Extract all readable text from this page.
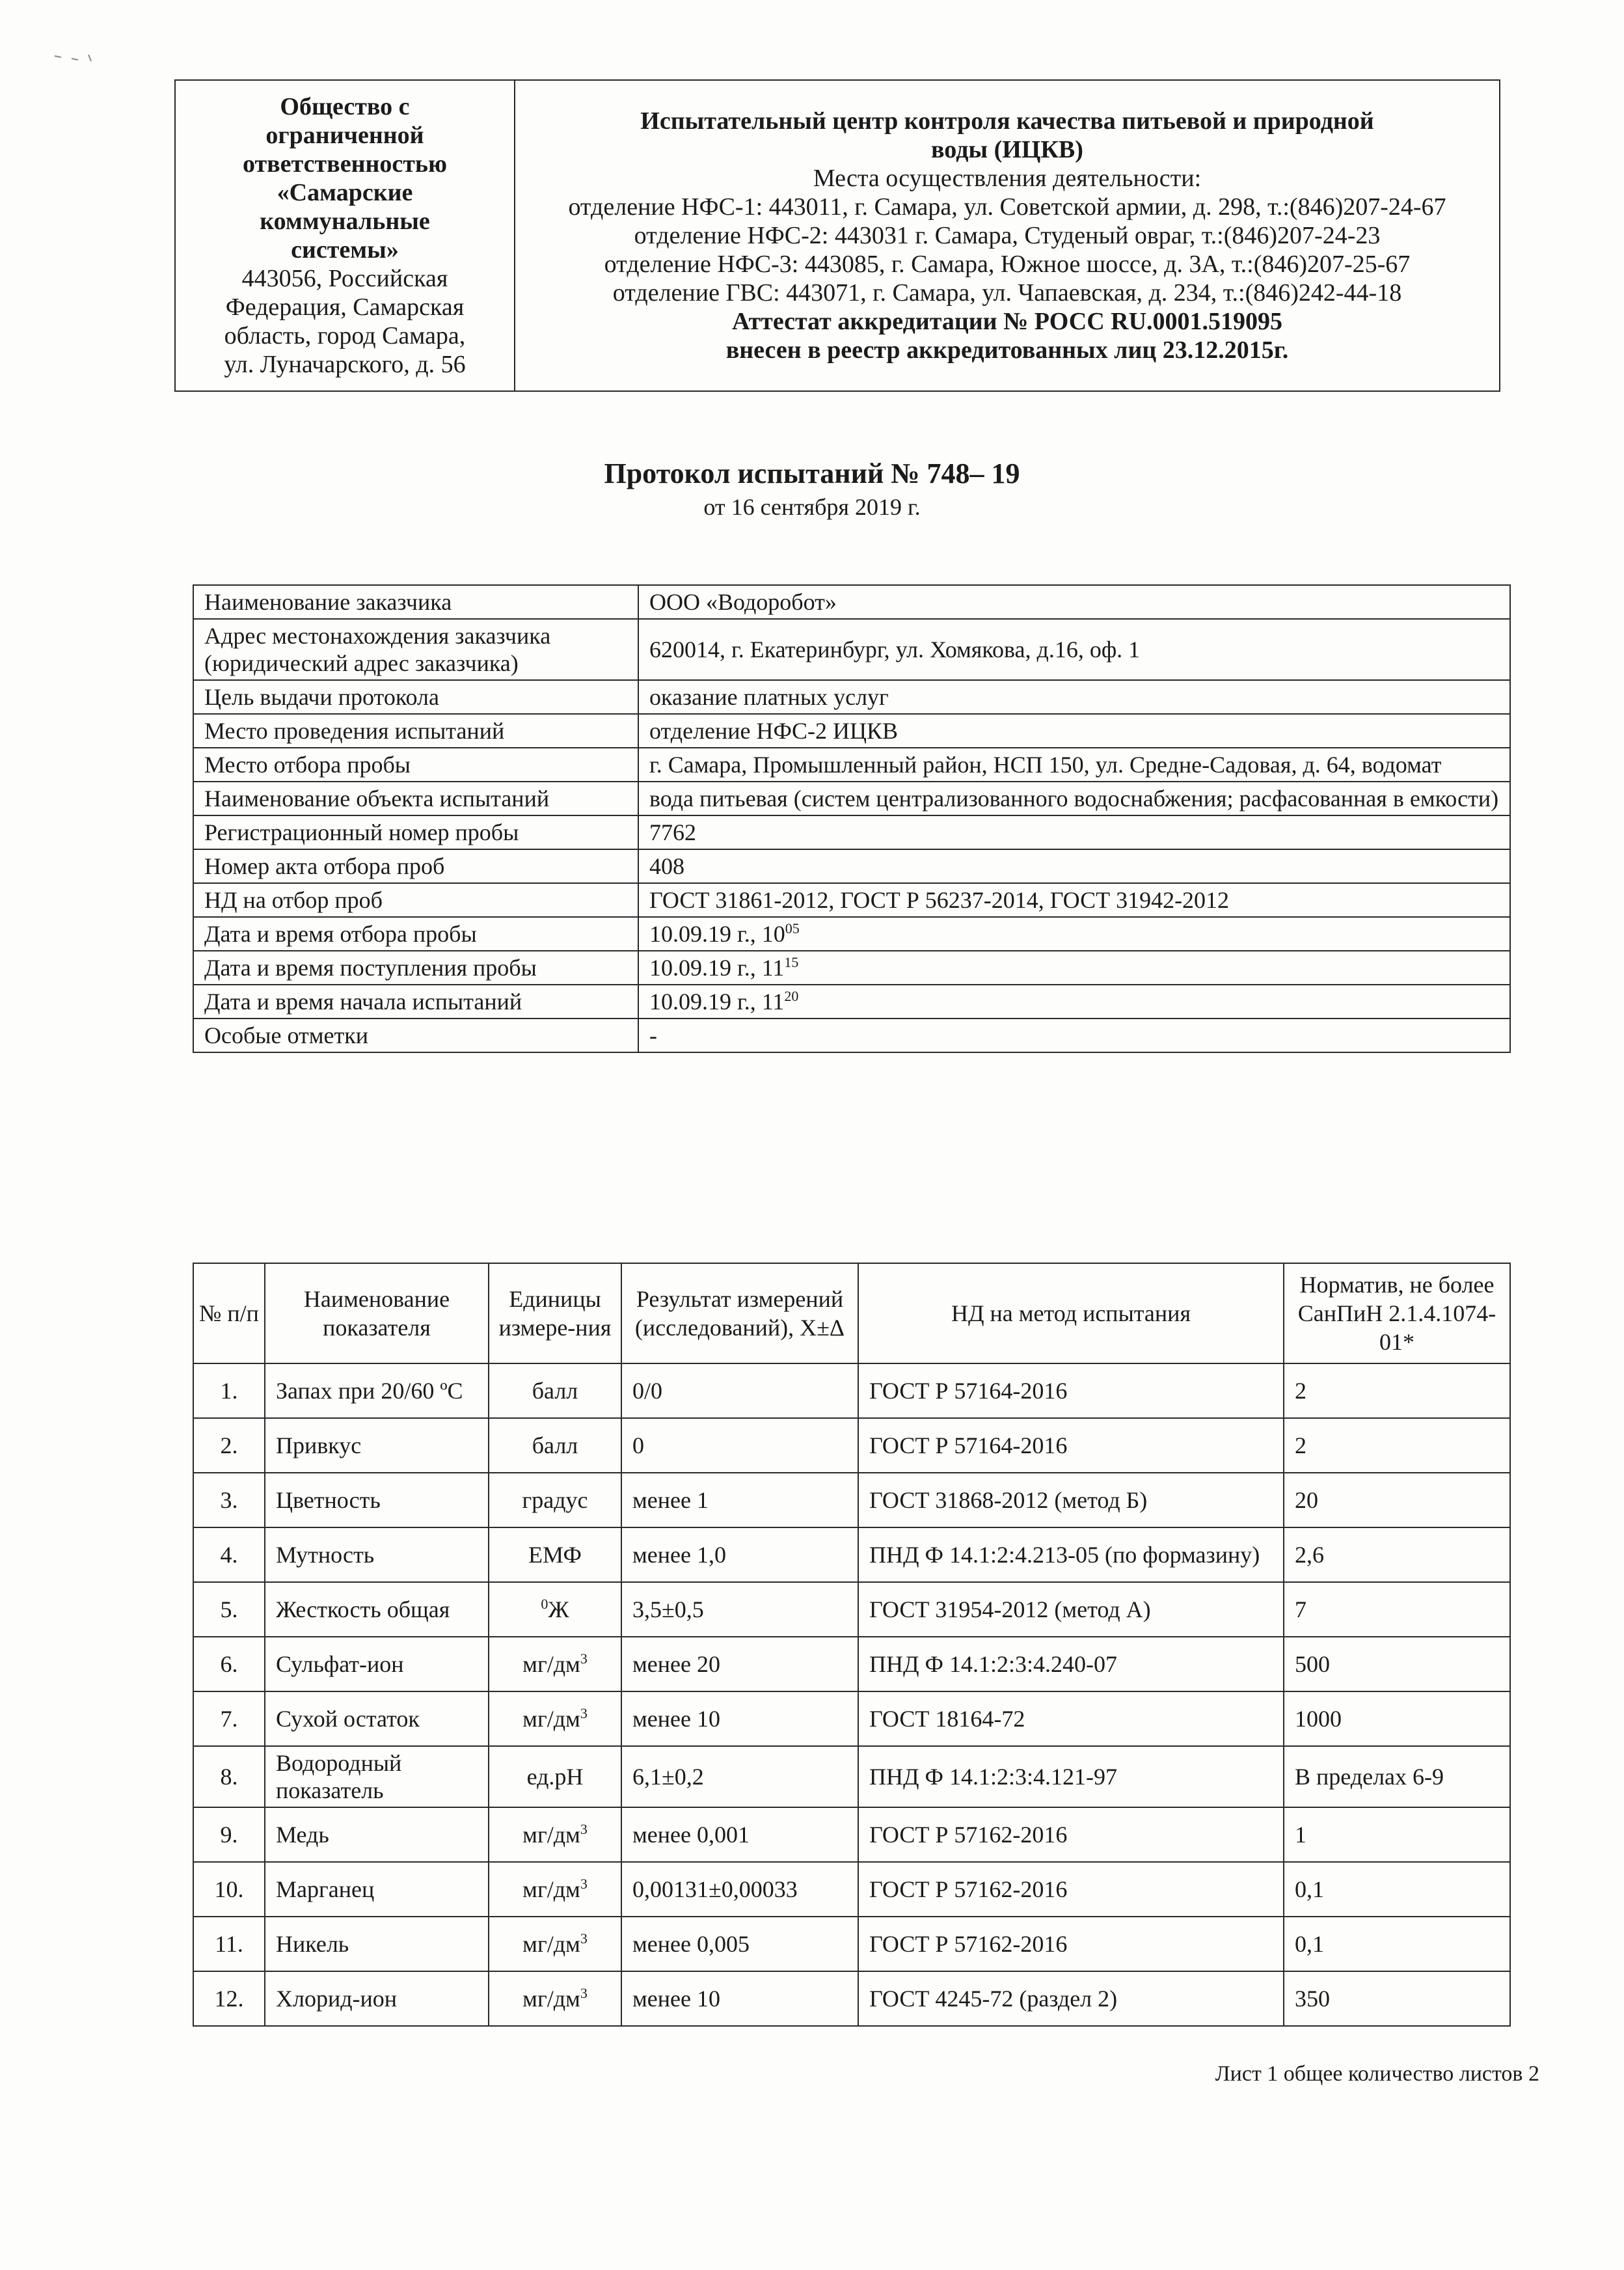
Общество с
ограниченной
ответственностью
«Самарские
коммунальные
системы»
443056, Российская
Федерация, Самарская
область, город Самара,
ул. Луначарского, д. 56

Испытательный центр контроля качества питьевой и природной
воды (ИЦКВ)
Места осуществления деятельности:
отделение НФС-1: 443011, г. Самара, ул. Советской армии, д. 298, т.:(846)207-24-67
отделение НФС-2: 443031 г. Самара, Студеный овраг, т.:(846)207-24-23
отделение НФС-3: 443085, г. Самара, Южное шоссе, д. 3А, т.:(846)207-25-67
отделение ГВС: 443071, г. Самара, ул. Чапаевская, д. 234, т.:(846)242-44-18
Аттестат аккредитации № РОСС RU.0001.519095
внесен в реестр аккредитованных лиц 23.12.2015г.
Протокол испытаний № 748– 19
от 16 сентября 2019 г.
Наименование заказчика	ООО «Водоробот»
Адрес местонахождения заказчика (юридический адрес заказчика)	620014, г. Екатеринбург, ул. Хомякова, д.16, оф. 1
Цель выдачи протокола	оказание платных услуг
Место проведения испытаний	отделение НФС-2 ИЦКВ
Место отбора пробы	г. Самара, Промышленный район, НСП 150, ул. Средне-Садовая, д. 64, водомат
Наименование объекта испытаний	вода питьевая (систем централизованного водоснабжения; расфасованная в емкости)
Регистрационный номер пробы	7762
Номер акта отбора проб	408
НД на отбор проб	ГОСТ 31861-2012, ГОСТ Р 56237-2014, ГОСТ 31942-2012
Дата и время отбора пробы	10.09.19 г., $10^{05}$
Дата и время поступления пробы	10.09.19 г., $11^{15}$
Дата и время начала испытаний	10.09.19 г., $11^{20}$
Особые отметки	-
№ п/п	Наименование показателя	Единицы измере-ния	Результат измерений (исследований), Х±Δ	НД на метод испытания	Норматив, не более СанПиН 2.1.4.1074-01*
1.	Запах при 20/60 ºС	балл	0/0	ГОСТ Р 57164-2016	2
2.	Привкус	балл	0	ГОСТ Р 57164-2016	2
3.	Цветность	градус	менее 1	ГОСТ 31868-2012 (метод Б)	20
4.	Мутность	ЕМФ	менее 1,0	ПНД Ф 14.1:2:4.213-05 (по формазину)	2,6
5.	Жесткость общая	$^0$Ж	3,5±0,5	ГОСТ 31954-2012 (метод А)	7
6.	Сульфат-ион	$мг/дм^3$	менее 20	ПНД Ф 14.1:2:3:4.240-07	500
7.	Сухой остаток	$мг/дм^3$	менее 10	ГОСТ 18164-72	1000
8.	Водородный показатель	ед.pH	6,1±0,2	ПНД Ф 14.1:2:3:4.121-97	В пределах 6-9
9.	Медь	$мг/дм^3$	менее 0,001	ГОСТ Р 57162-2016	1
10.	Марганец	$мг/дм^3$	0,00131±0,00033	ГОСТ Р 57162-2016	0,1
11.	Никель	$мг/дм^3$	менее 0,005	ГОСТ Р 57162-2016	0,1
12.	Хлорид-ион	$мг/дм^3$	менее 10	ГОСТ 4245-72 (раздел 2)	350
Лист 1 общее количество листов 2
